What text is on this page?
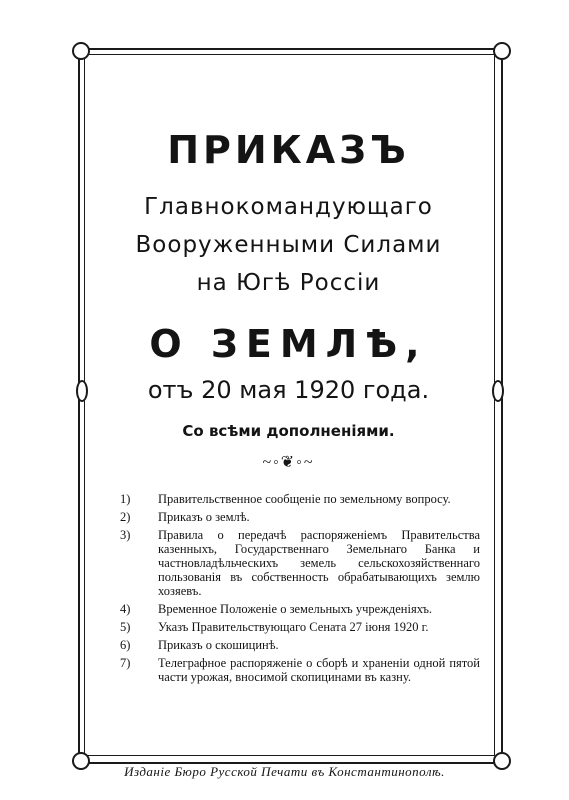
ПРИКАЗЪ
Главнокомандующаго
Вооруженными Силами
на Югѣ Россіи
О ЗЕМЛѢ,
отъ 20 мая 1920 года.
Со всѣми дополненіями.
~◦❦◦~
1)	Правительственное сообщеніе по земельному вопросу.
2)	Приказъ о землѣ.
3)	Правила о передачѣ распоряженіемъ Правительства казенныхъ, Государственнаго Земельнаго Банка и частновладѣльческихъ земель сельскохозяйственнаго пользованія въ собственность обрабатывающихъ землю хозяевъ.
4)	Временное Положеніе о земельныхъ учрежденіяхъ.
5)	Указъ Правительствующаго Сената 27 іюня 1920 г.
6)	Приказъ о скошицинѣ.
7)	Телеграфное распоряженіе о сборѣ и храненіи одной пятой части урожая, вносимой скопицинами въ казну.
Изданіе Бюро Русской Печати въ Константинополѣ.
